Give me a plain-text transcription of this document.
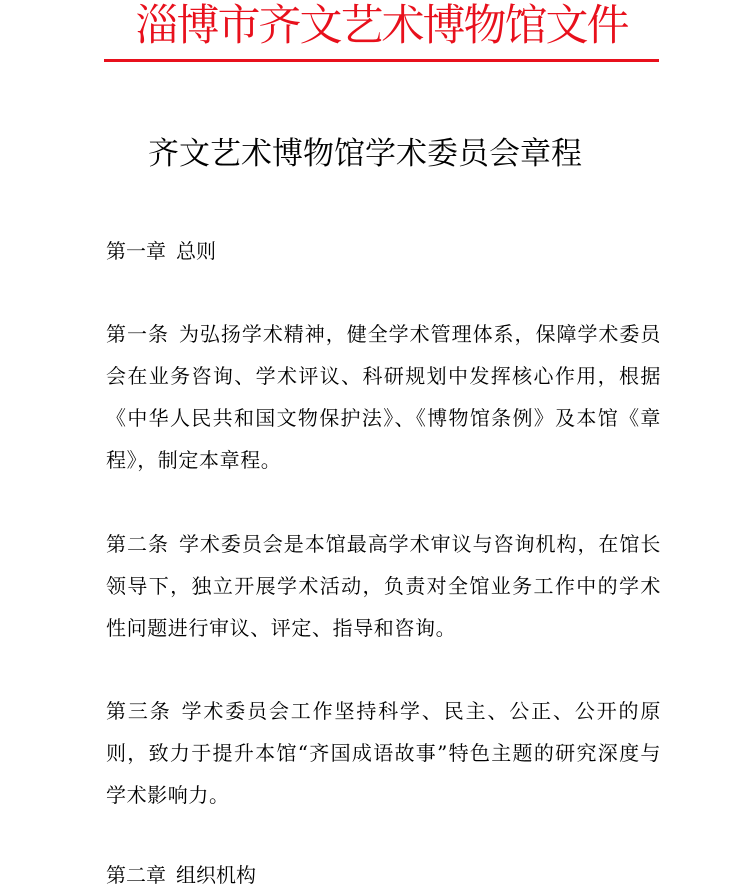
淄博市齐文艺术博物馆文件
齐文艺术博物馆学术委员会章程
第一章 总则
第一条 为弘扬学术精神，健全学术管理体系，保障学术委员会在业务咨询、学术评议、科研规划中发挥核心作用，根据《中华人民共和国文物保护法》、《博物馆条例》及本馆《章程》，制定本章程。
第二条 学术委员会是本馆最高学术审议与咨询机构，在馆长领导下，独立开展学术活动，负责对全馆业务工作中的学术性问题进行审议、评定、指导和咨询。
第三条 学术委员会工作坚持科学、民主、公正、公开的原则，致力于提升本馆“齐国成语故事”特色主题的研究深度与学术影响力。
第二章 组织机构
